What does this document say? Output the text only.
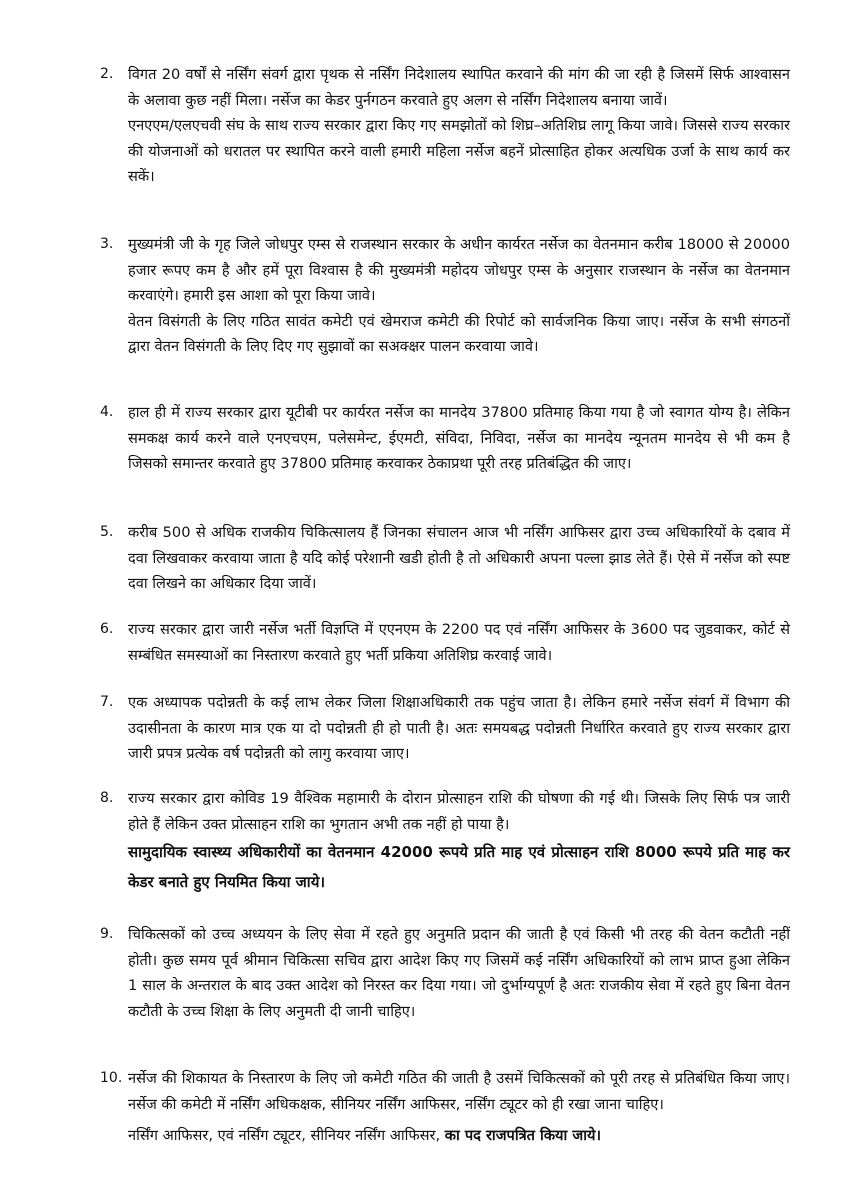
2.	विगत 20 वर्षों से नर्सिंग संवर्ग द्वारा पृथक से नर्सिंग निदेशालय स्थापित करवाने की मांग की जा रही है जिसमें सिर्फ आश्वासन के अलावा कुछ नहीं मिला। नर्सेज का केडर पुर्नगठन करवाते हुए अलग से नर्सिंग निदेशालय बनाया जावें।

एनएएम/एलएचवी संघ के साथ राज्य सरकार द्वारा किए गए समझोतों को शिघ्र–अतिशिघ्र लागू किया जावे। जिससे राज्य सरकार की योजनाओं को धरातल पर स्थापित करने वाली हमारी महिला नर्सेज बहनें प्रोत्साहित होकर अत्यधिक उर्जा के साथ कार्य कर सकें।

3.	मुख्यमंत्री जी के गृह जिले जोधपुर एम्स से राजस्थान सरकार के अधीन कार्यरत नर्सेज का वेतनमान करीब 18000 से 20000 हजार रूपए कम है और हमें पूरा विश्वास है की मुख्यमंत्री महोदय जोधपुर एम्स के अनुसार राजस्थान के नर्सेज का वेतनमान करवाएंगे। हमारी इस आशा को पूरा किया जावे।

वेतन विसंगती के लिए गठित सावंत कमेटी एवं खेमराज कमेटी की रिपोर्ट को सार्वजनिक किया जाए। नर्सेज के सभी संगठनों द्वारा वेतन विसंगती के लिए दिए गए सुझावों का सअक्क्षर पालन करवाया जावे।

4.	हाल ही में राज्य सरकार द्वारा यूटीबी पर कार्यरत नर्सेज का मानदेय 37800 प्रतिमाह किया गया है जो स्वागत योग्य है। लेकिन समकक्ष कार्य करने वाले एनएचएम, पलेसमेन्ट, ईएमटी, संविदा, निविदा, नर्सेज का मानदेय न्यूनतम मानदेय से भी कम है जिसको समान्तर करवाते हुए 37800 प्रतिमाह करवाकर ठेकाप्रथा पूरी तरह प्रतिबंद्धित की जाए।

5.	करीब 500 से अधिक राजकीय चिकित्सालय हैं जिनका संचालन आज भी नर्सिंग आफिसर द्वारा उच्च अधिकारियों के दबाव में दवा लिखवाकर करवाया जाता है यदि कोई परेशानी खडी होती है तो अधिकारी अपना पल्ला झाड लेते हैं। ऐसे में नर्सेज को स्पष्ट दवा लिखने का अधिकार दिया जावें।

6.	राज्य सरकार द्वारा जारी नर्सेज भर्ती विज्ञप्ति में एएनएम के 2200 पद एवं नर्सिंग आफिसर के 3600 पद जुडवाकर, कोर्ट से सम्बंधित समस्याओं का निस्तारण करवाते हुए भर्ती प्रकिया अतिशिघ्र करवाई जावे।

7.	एक अध्यापक पदोन्नती के कई लाभ लेकर जिला शिक्षाअधिकारी तक पहुंच जाता है। लेकिन हमारे नर्सेज संवर्ग में विभाग की उदासीनता के कारण मात्र एक या दो पदोन्नती ही हो पाती है। अतः समयबद्ध पदोन्नती निर्धारित करवाते हुए राज्य सरकार द्वारा जारी प्रपत्र प्रत्येक वर्ष पदोन्नती को लागु करवाया जाए।

8.	राज्य सरकार द्वारा कोविड 19 वैश्विक महामारी के दोरान प्रोत्साहन राशि की घोषणा की गई थी। जिसके लिए सिर्फ पत्र जारी होते हैं लेकिन उक्त प्रोत्साहन राशि का भुगतान अभी तक नहीं हो पाया है।

सामुदायिक स्वास्थ्य अधिकारीयों का वेतनमान 42000 रूपये प्रति माह एवं प्रोत्साहन राशि 8000 रूपये प्रति माह कर केडर बनाते हुए नियमित किया जाये।

9.	चिकित्सकों को उच्च अध्ययन के लिए सेवा में रहते हुए अनुमति प्रदान की जाती है एवं किसी भी तरह की वेतन कटौती नहीं होती। कुछ समय पूर्व श्रीमान चिकित्सा सचिव द्वारा आदेश किए गए जिसमें कई नर्सिंग अधिकारियों को लाभ प्राप्त हुआ लेकिन 1 साल के अन्तराल के बाद उक्त आदेश को निरस्त कर दिया गया। जो दुर्भाग्यपूर्ण है अतः राजकीय सेवा में रहते हुए बिना वेतन कटौती के उच्च शिक्षा के लिए अनुमती दी जानी चाहिए।

10. नर्सेज की शिकायत के निस्तारण के लिए जो कमेटी गठित की जाती है उसमें चिकित्सकों को पूरी तरह से प्रतिबंधित किया जाए। नर्सेज की कमेटी में नर्सिंग अधिकक्षक, सीनियर नर्सिंग आफिसर, नर्सिंग ट्यूटर को ही रखा जाना चाहिए।

नर्सिंग आफिसर, एवं नर्सिंग ट्यूटर, सीनियर नर्सिंग आफिसर, का पद राजपत्रित किया जाये।
